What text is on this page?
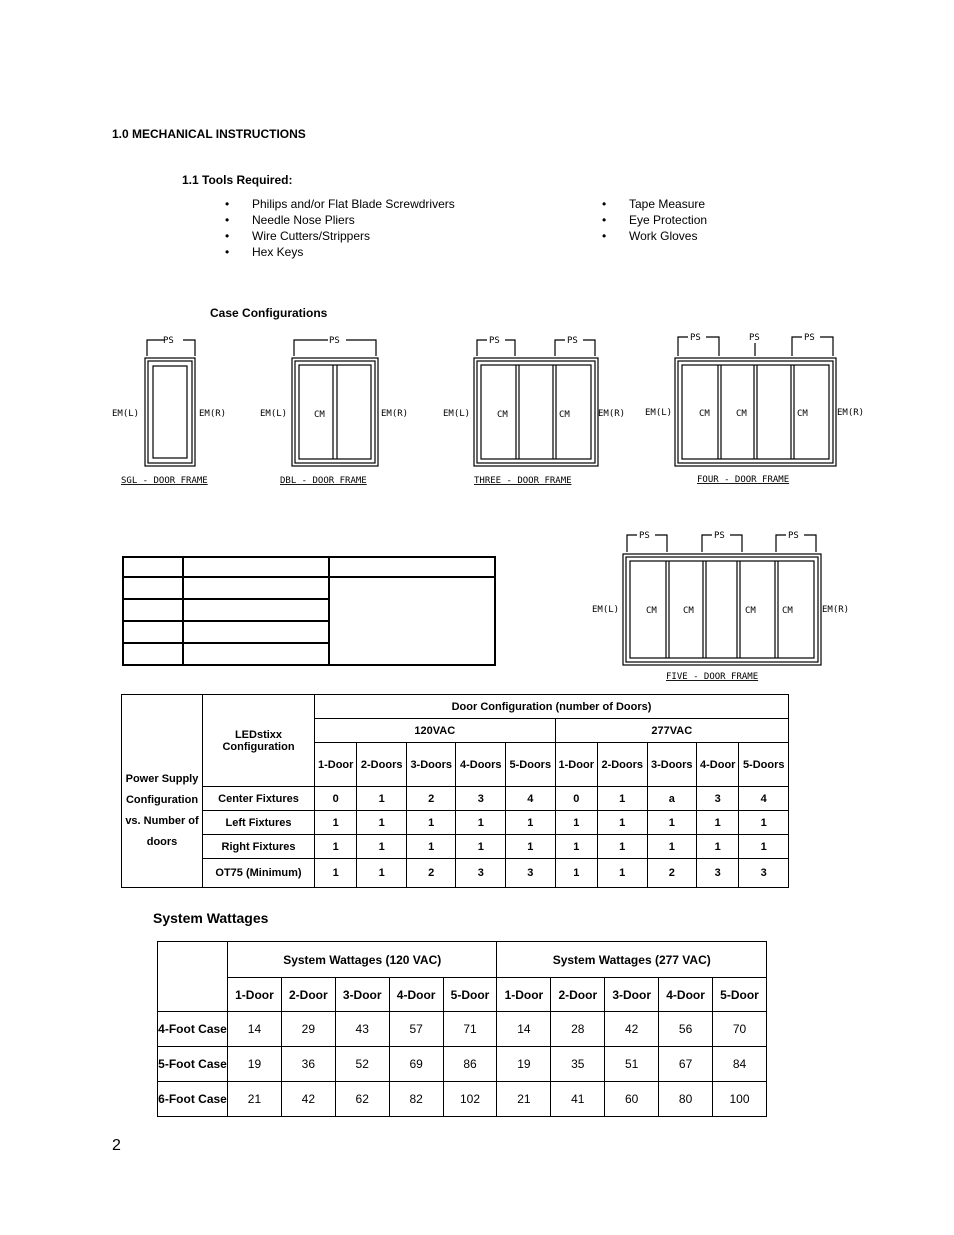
1.0 MECHANICAL INSTRUCTIONS
1.1 Tools Required:
• Philips and/or Flat Blade Screwdrivers
• Needle Nose Pliers
• Wire Cutters/Strippers
• Hex Keys
• Tape Measure
• Eye Protection
• Work Gloves
Case Configurations
PS
EM(L)	EM(R)
SGL - DOOR FRAME
PS
EM(L)	EM(R)
CM
DBL - DOOR FRAME
PS	PS
EM(L)	EM(R)
CM	CM
THREE - DOOR FRAME
PS	PS	PS
EM(L)	EM(R)
CM	CM	CM
FOUR - DOOR FRAME

PS	PS	PS
EM(L)	EM(R)
CM	CM	CM	CM
FIVE - DOOR FRAME
Power Supply
Configuration
vs. Number of
doors	LEDstixx Configuration	Door Configuration (number of Doors)									
		120VAC					277VAC				
		1-Door	2-Doors	3-Doors	4-Doors	5-Doors	1-Door	2-Doors	3-Doors	4-Door	5-Doors
	Center Fixtures	0	1	2	3	4	0	1	a	3	4
	Left Fixtures	1	1	1	1	1	1	1	1	1	1
	Right Fixtures	1	1	1	1	1	1	1	1	1	1
	OT75 (Minimum)	1	1	2	3	3	1	1	2	3	3
System Wattages
	System Wattages (120 VAC)					System Wattages (277 VAC)				
	1-Door	2-Door	3-Door	4-Door	5-Door	1-Door	2-Door	3-Door	4-Door	5-Door
4-Foot Case	14	29	43	57	71	14	28	42	56	70
5-Foot Case	19	36	52	69	86	19	35	51	67	84
6-Foot Case	21	42	62	82	102	21	41	60	80	100
2
